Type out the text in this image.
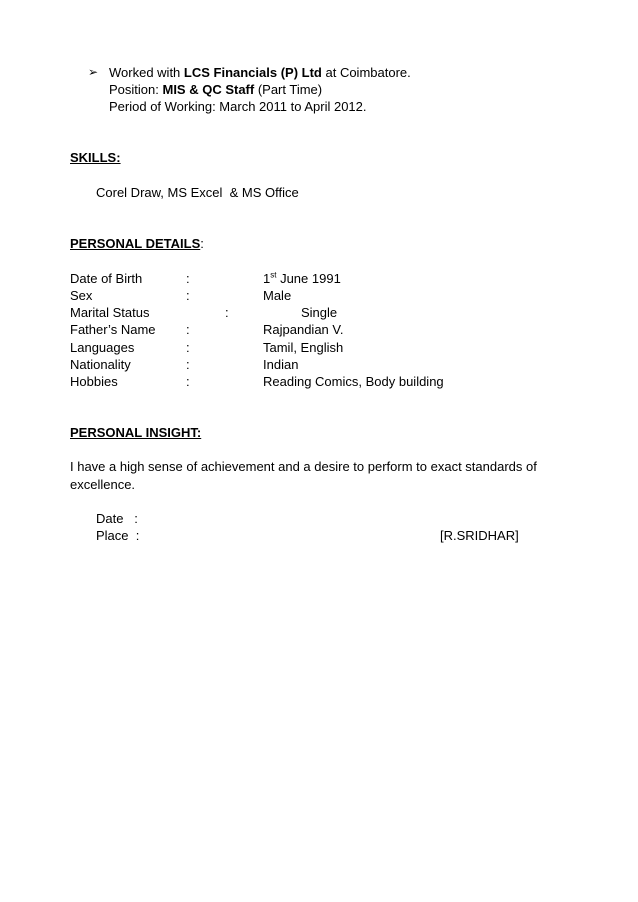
➢ Worked with LCS Financials (P) Ltd at Coimbatore.
Position: MIS & QC Staff (Part Time)
Period of Working: March 2011 to April 2012.
SKILLS:
Corel Draw, MS Excel  & MS Office
PERSONAL DETAILS:
Date of Birth	:	1st June 1991
Sex	:	Male
Marital Status	:	Single
Father’s Name :	Rajpandian V.
Languages	:	Tamil, English
Nationality	:	Indian
Hobbies	:	Reading Comics, Body building
PERSONAL INSIGHT:
I have a high sense of achievement and a desire to perform to exact standards of excellence.
Date   :
Place  :	[R.SRIDHAR]
